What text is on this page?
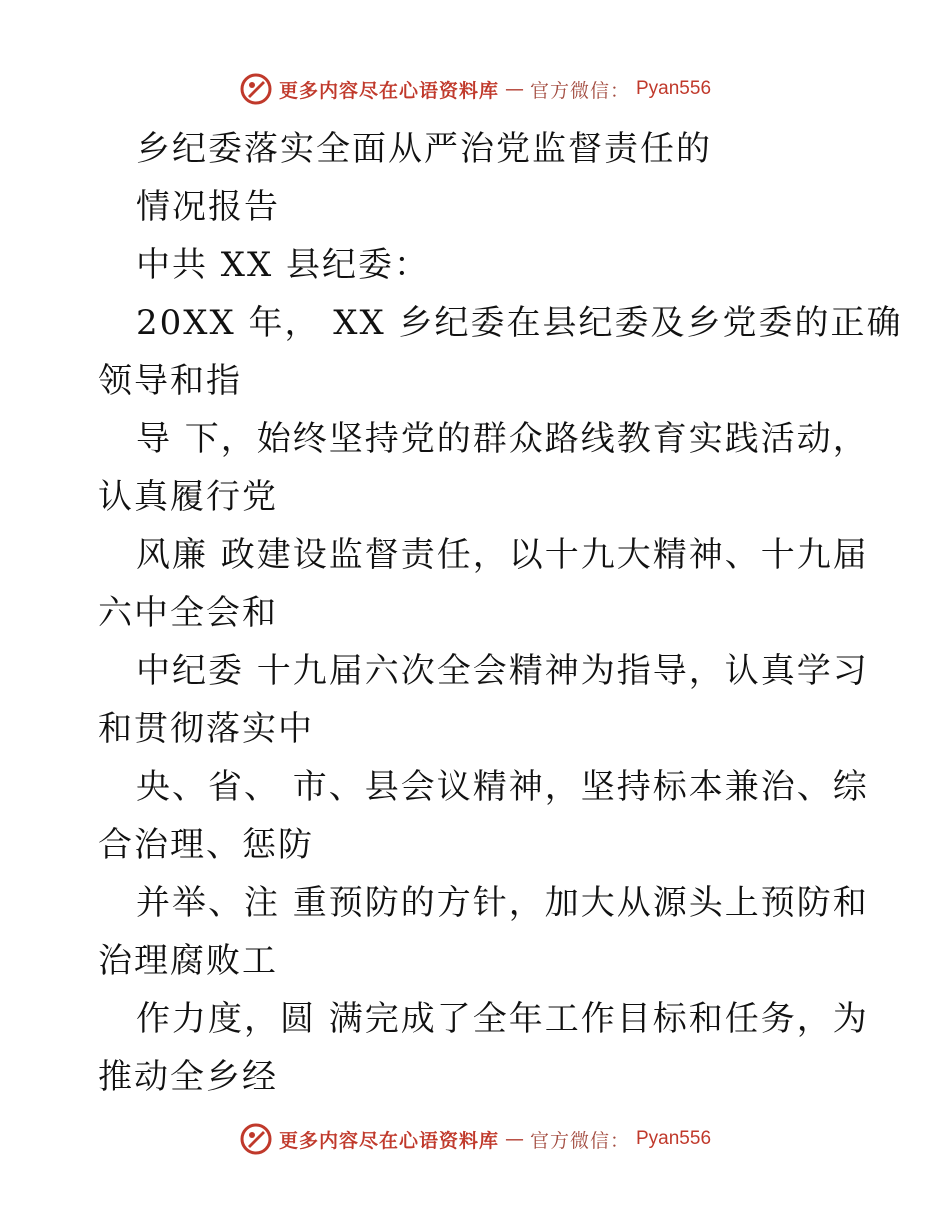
更多内容尽在心语资料库 — 官方微信： Pyan556
乡纪委落实全面从严治党监督责任的
情况报告
中共 XX 县纪委：
20XX 年， XX 乡纪委在县纪委及乡党委的正确
领导和指
导 下，始终坚持党的群众路线教育实践活动，
认真履行党
风廉 政建设监督责任，以十九大精神、十九届
六中全会和
中纪委 十九届六次全会精神为指导，认真学习
和贯彻落实中
央、省、 市、县会议精神，坚持标本兼治、综
合治理、惩防
并举、注 重预防的方针，加大从源头上预防和
治理腐败工
作力度，圆 满完成了全年工作目标和任务，为
推动全乡经
更多内容尽在心语资料库 — 官方微信： Pyan556
